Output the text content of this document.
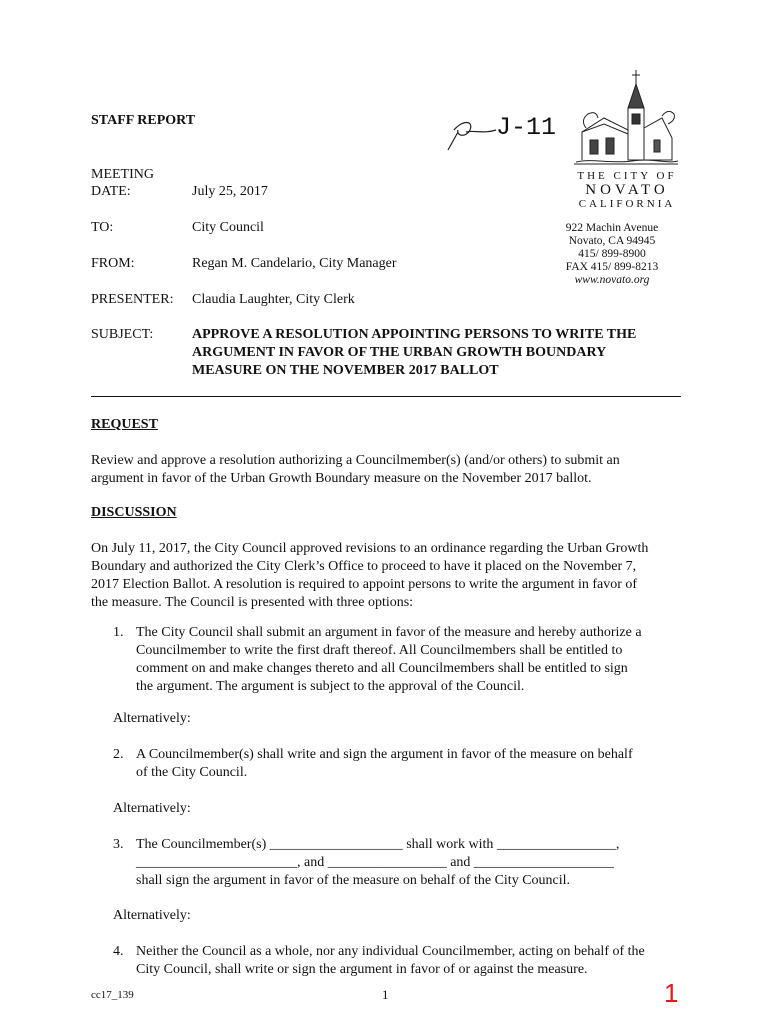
STAFF REPORT	J-11
THE CITY OF
NOVATO
CALIFORNIA
922 Machin Avenue
Novato, CA 94945
415/ 899-8900
FAX 415/ 899-8213
www.novato.org
MEETING
DATE:	July 25, 2017
TO:	City Council
FROM:	Regan M. Candelario, City Manager
PRESENTER: Claudia Laughter, City Clerk
SUBJECT:	APPROVE A RESOLUTION APPOINTING PERSONS TO WRITE THE
ARGUMENT IN FAVOR OF THE URBAN GROWTH BOUNDARY
MEASURE ON THE NOVEMBER 2017 BALLOT
REQUEST
Review and approve a resolution authorizing a Councilmember(s) (and/or others) to submit an
argument in favor of the Urban Growth Boundary measure on the November 2017 ballot.
DISCUSSION
On July 11, 2017, the City Council approved revisions to an ordinance regarding the Urban Growth
Boundary and authorized the City Clerk’s Office to proceed to have it placed on the November 7,
2017 Election Ballot. A resolution is required to appoint persons to write the argument in favor of
the measure. The Council is presented with three options:
1. The City Council shall submit an argument in favor of the measure and hereby authorize a
Councilmember to write the first draft thereof. All Councilmembers shall be entitled to
comment on and make changes thereto and all Councilmembers shall be entitled to sign
the argument. The argument is subject to the approval of the Council.
Alternatively:
2. A Councilmember(s) shall write and sign the argument in favor of the measure on behalf
of the City Council.
Alternatively:
3. The Councilmember(s) ___________________ shall work with _________________,
_______________________, and _________________ and ____________________
shall sign the argument in favor of the measure on behalf of the City Council.
Alternatively:
4. Neither the Council as a whole, nor any individual Councilmember, acting on behalf of the
City Council, shall write or sign the argument in favor of or against the measure.
cc17_139	1	1
